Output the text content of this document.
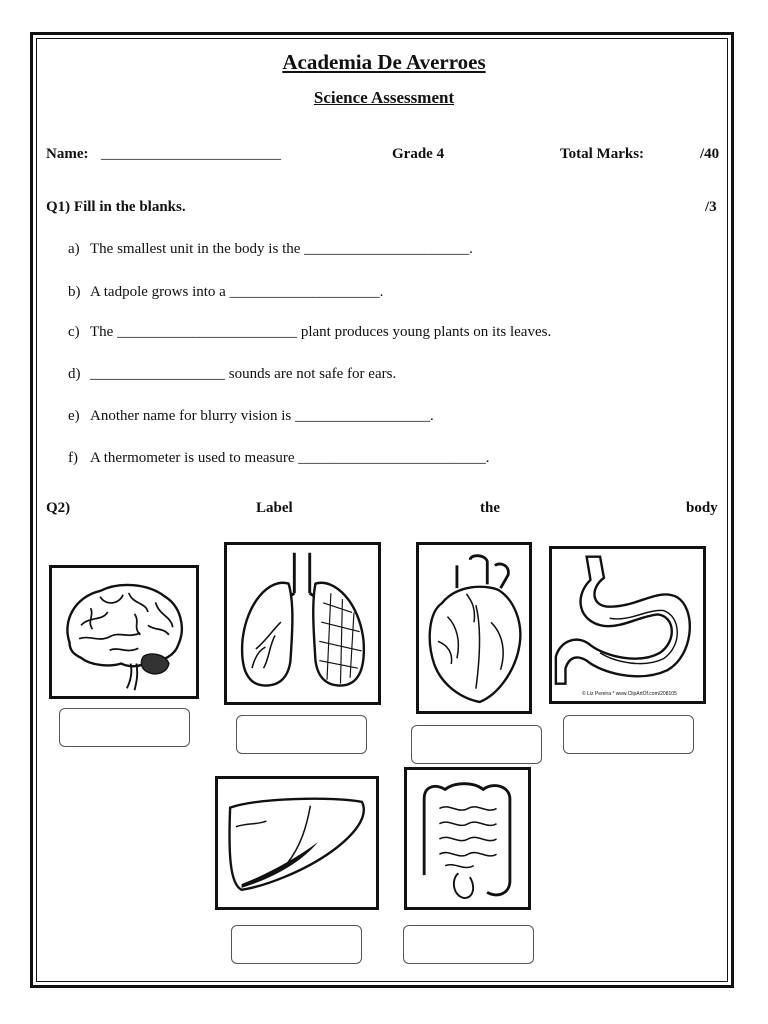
Academia De Averroes
Science Assessment
Name: ________________________	Grade 4	Total Marks:	/40
Q1) Fill in the blanks.	/3
a) The smallest unit in the body is the ______________________.
b) A tadpole grows into a ____________________.
c) The ________________________ plant produces young plants on its leaves.
d) __________________ sounds are not safe for ears.
e) Another name for blurry vision is __________________.
f) A thermometer is used to measure _________________________.
Q2)	Label	the	body
© Liz Pereira * www.ClipArtOf.com/208105
